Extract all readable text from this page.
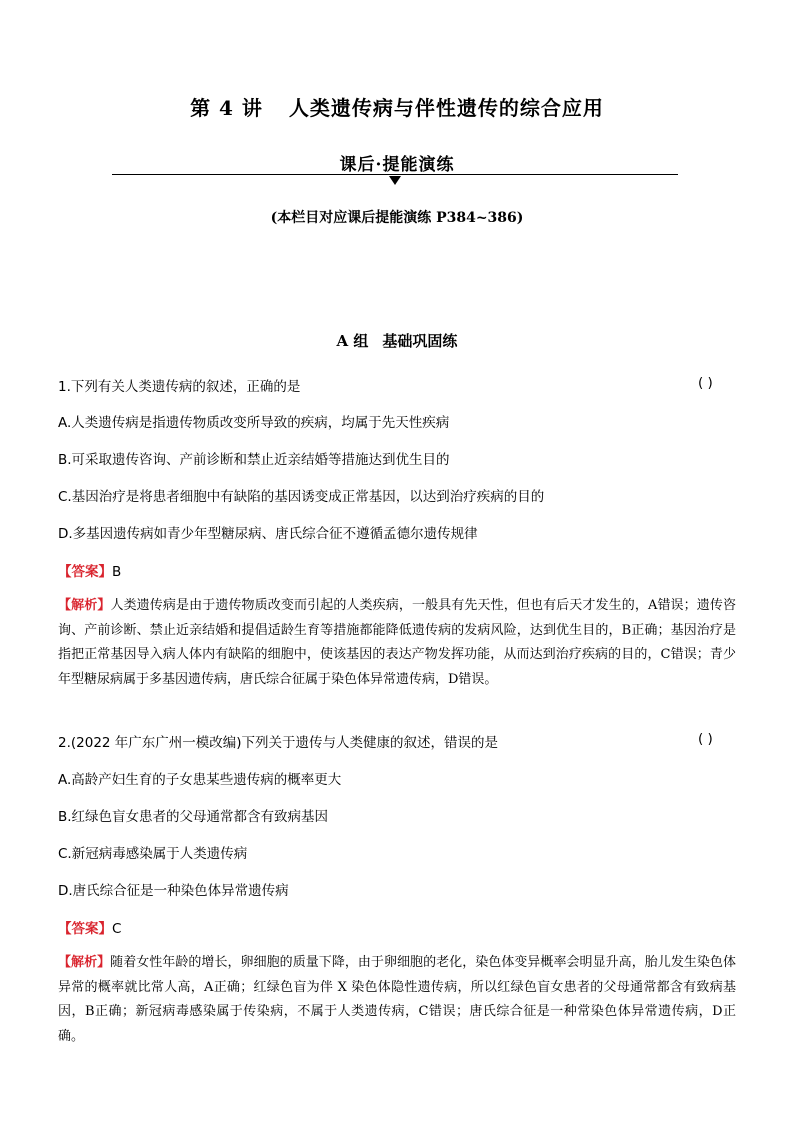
第 4 讲 人类遗传病与伴性遗传的综合应用
课后·提能演练
(本栏目对应课后提能演练 P384~386)
A 组 基础巩固练
1.下列有关人类遗传病的叙述，正确的是	( )
A.人类遗传病是指遗传物质改变所导致的疾病，均属于先天性疾病
B.可采取遗传咨询、产前诊断和禁止近亲结婚等措施达到优生目的
C.基因治疗是将患者细胞中有缺陷的基因诱变成正常基因，以达到治疗疾病的目的
D.多基因遗传病如青少年型糖尿病、唐氏综合征不遵循孟德尔遗传规律
【答案】B
【解析】人类遗传病是由于遗传物质改变而引起的人类疾病，一般具有先天性，但也有后天才发生的，A错误；遗传咨询、产前诊断、禁止近亲结婚和提倡适龄生育等措施都能降低遗传病的发病风险，达到优生目的，B正确；基因治疗是指把正常基因导入病人体内有缺陷的细胞中，使该基因的表达产物发挥功能，从而达到治疗疾病的目的，C错误；青少年型糖尿病属于多基因遗传病，唐氏综合征属于染色体异常遗传病，D错误。
2.(2022 年广东广州一模改编)下列关于遗传与人类健康的叙述，错误的是	( )
A.高龄产妇生育的子女患某些遗传病的概率更大
B.红绿色盲女患者的父母通常都含有致病基因
C.新冠病毒感染属于人类遗传病
D.唐氏综合征是一种染色体异常遗传病
【答案】C
【解析】随着女性年龄的增长，卵细胞的质量下降，由于卵细胞的老化，染色体变异概率会明显升高，胎儿发生染色体异常的概率就比常人高，A正确；红绿色盲为伴 X 染色体隐性遗传病，所以红绿色盲女患者的父母通常都含有致病基因，B正确；新冠病毒感染属于传染病，不属于人类遗传病，C错误；唐氏综合征是一种常染色体异常遗传病，D正确。
